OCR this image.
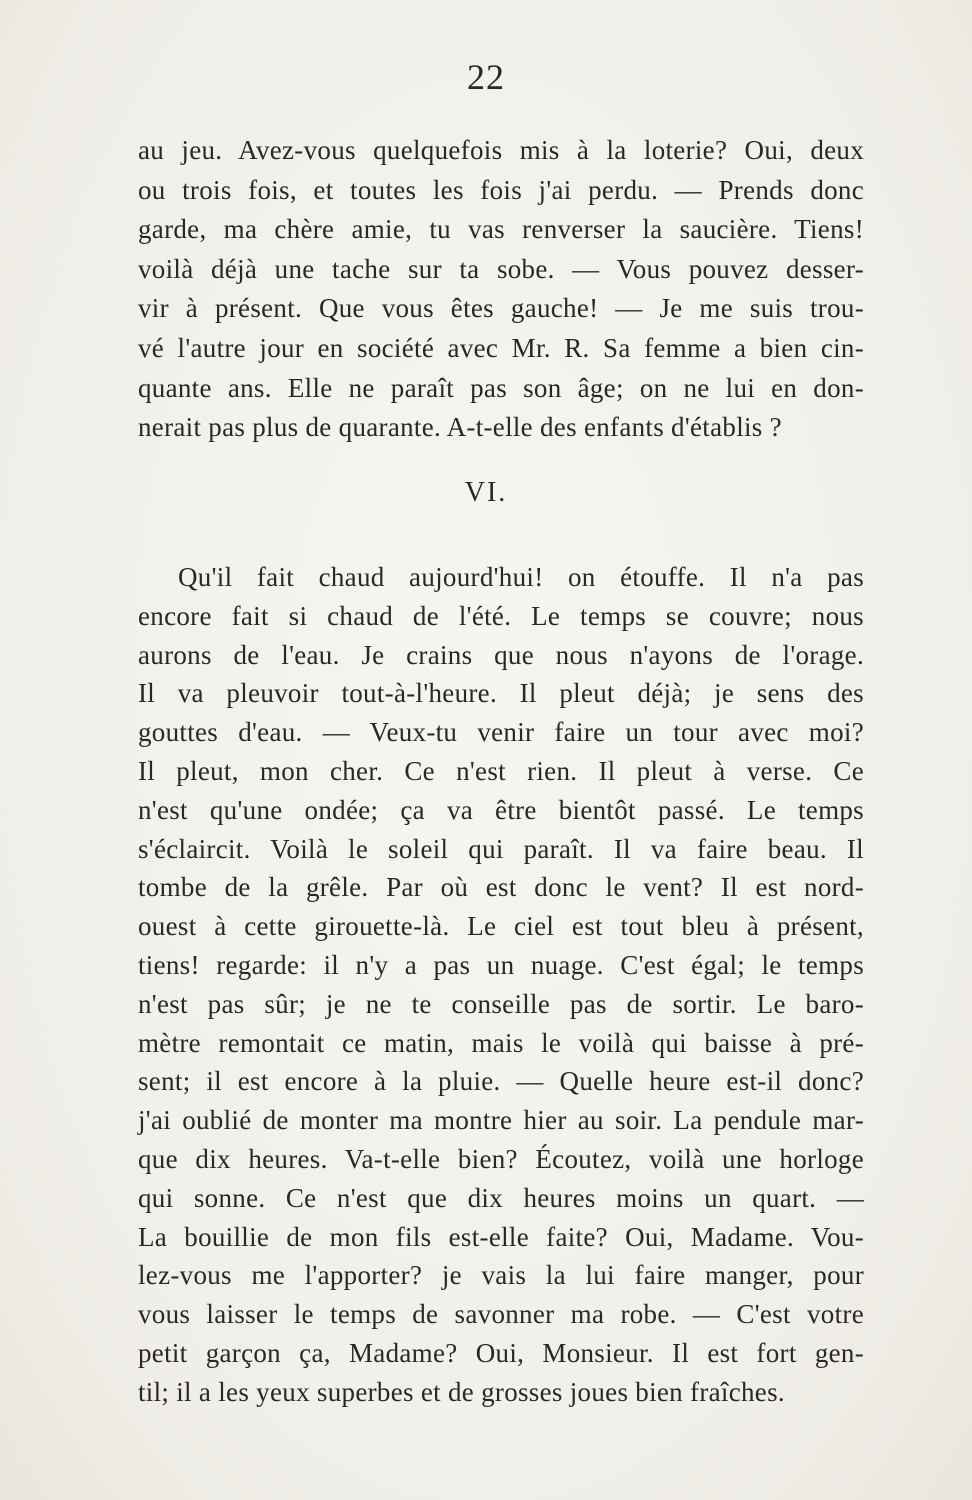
22
au jeu. Avez-vous quelquefois mis à la loterie? Oui, deux
ou trois fois, et toutes les fois j'ai perdu. — Prends donc
garde, ma chère amie, tu vas renverser la saucière. Tiens!
voilà déjà une tache sur ta sobe. — Vous pouvez desser-
vir à présent. Que vous êtes gauche! — Je me suis trou-
vé l'autre jour en société avec Mr. R. Sa femme a bien cin-
quante ans. Elle ne paraît pas son âge; on ne lui en don-
nerait pas plus de quarante. A-t-elle des enfants d'établis ?
VI.
Qu'il fait chaud aujourd'hui! on étouffe. Il n'a pas
encore fait si chaud de l'été. Le temps se couvre; nous
aurons de l'eau. Je crains que nous n'ayons de l'orage.
Il va pleuvoir tout-à-l'heure. Il pleut déjà; je sens des
gouttes d'eau. — Veux-tu venir faire un tour avec moi?
Il pleut, mon cher. Ce n'est rien. Il pleut à verse. Ce
n'est qu'une ondée; ça va être bientôt passé. Le temps
s'éclaircit. Voilà le soleil qui paraît. Il va faire beau. Il
tombe de la grêle. Par où est donc le vent? Il est nord-
ouest à cette girouette-là. Le ciel est tout bleu à présent,
tiens! regarde: il n'y a pas un nuage. C'est égal; le temps
n'est pas sûr; je ne te conseille pas de sortir. Le baro-
mètre remontait ce matin, mais le voilà qui baisse à pré-
sent; il est encore à la pluie. — Quelle heure est-il donc?
j'ai oublié de monter ma montre hier au soir. La pendule mar-
que dix heures. Va-t-elle bien? Écoutez, voilà une horloge
qui sonne. Ce n'est que dix heures moins un quart. —
La bouillie de mon fils est-elle faite? Oui, Madame. Vou-
lez-vous me l'apporter? je vais la lui faire manger, pour
vous laisser le temps de savonner ma robe. — C'est votre
petit garçon ça, Madame? Oui, Monsieur. Il est fort gen-
til; il a les yeux superbes et de grosses joues bien fraîches.
